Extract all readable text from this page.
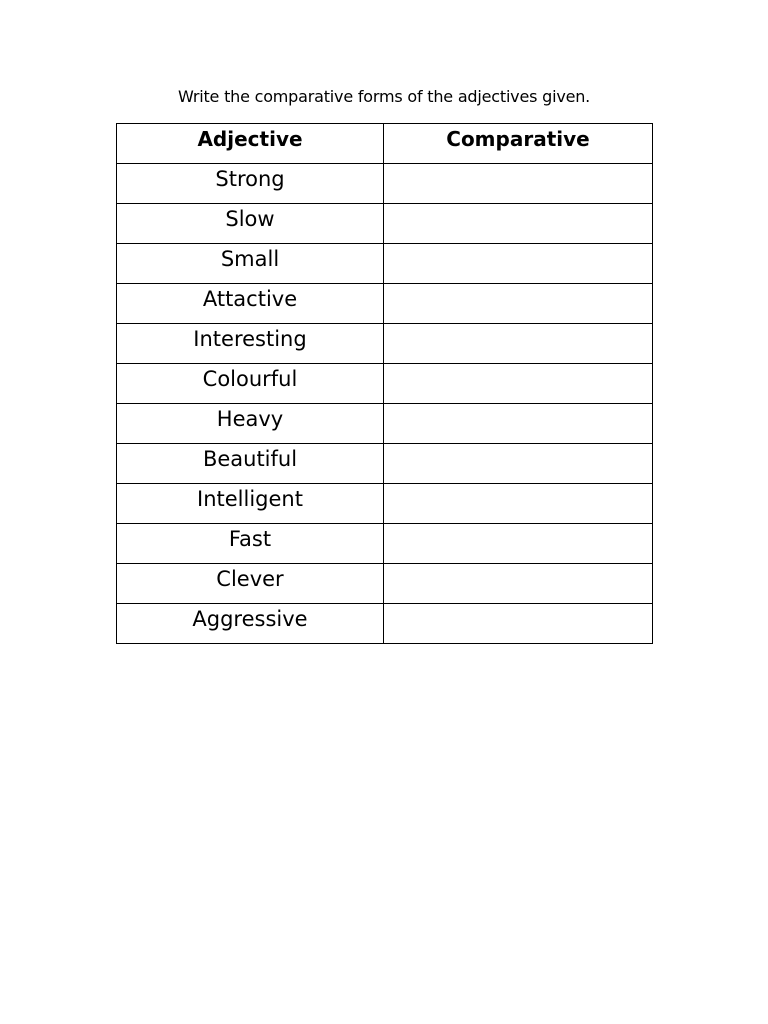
Write the comparative forms of the adjectives given.
Adjective	Comparative
Strong	
Slow	
Small	
Attactive	
Interesting	
Colourful	
Heavy	
Beautiful	
Intelligent	
Fast	
Clever	
Aggressive	
